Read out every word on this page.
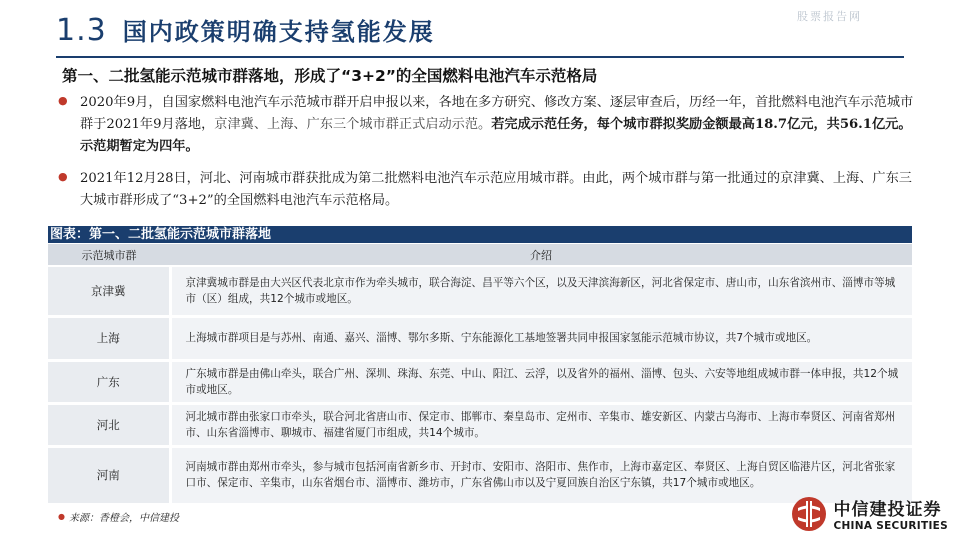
1.3 国内政策明确支持氢能发展
股票报告网
第一、二批氢能示范城市群落地，形成了“3+2”的全国燃料电池汽车示范格局
● 2020年9月，自国家燃料电池汽车示范城市群开启申报以来，各地在多方研究、修改方案、逐层审查后，历经一年，首批燃料电池汽车示范城市群于2021年9月落地，京津冀、上海、广东三个城市群正式启动示范。若完成示范任务，每个城市群拟奖励金额最高18.7亿元，共56.1亿元。示范期暂定为四年。
● 2021年12月28日，河北、河南城市群获批成为第二批燃料电池汽车示范应用城市群。由此，两个城市群与第一批通过的京津冀、上海、广东三大城市群形成了“3+2”的全国燃料电池汽车示范格局。
图表：第一、二批氢能示范城市群落地
示范城市群	介绍
京津冀	京津冀城市群是由大兴区代表北京市作为牵头城市，联合海淀、昌平等六个区，以及天津滨海新区，河北省保定市、唐山市，山东省滨州市、淄博市等城市（区）组成，共12个城市或地区。
上海	上海城市群项目是与苏州、南通、嘉兴、淄博、鄂尔多斯、宁东能源化工基地签署共同申报国家氢能示范城市协议，共7个城市或地区。
广东	广东城市群是由佛山牵头，联合广州、深圳、珠海、东莞、中山、阳江、云浮，以及省外的福州、淄博、包头、六安等地组成城市群一体申报，共12个城市或地区。
河北	河北城市群由张家口市牵头，联合河北省唐山市、保定市、邯郸市、秦皇岛市、定州市、辛集市、雄安新区、内蒙古乌海市、上海市奉贤区、河南省郑州市、山东省淄博市、聊城市、福建省厦门市组成，共14个城市。
河南	河南城市群由郑州市牵头，参与城市包括河南省新乡市、开封市、安阳市、洛阳市、焦作市，上海市嘉定区、奉贤区、上海自贸区临港片区，河北省张家口市、保定市、辛集市，山东省烟台市、淄博市、潍坊市，广东省佛山市以及宁夏回族自治区宁东镇，共17个城市或地区。
● 来源：香橙会，中信建投	中信建投证券
CHINA SECURITIES
